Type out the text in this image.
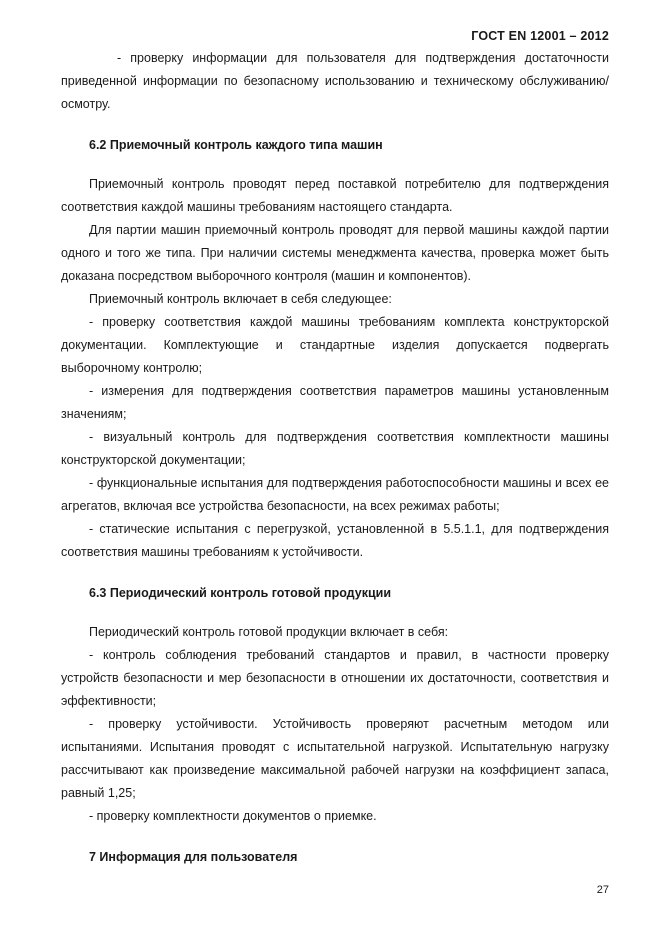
ГОСТ EN 12001 – 2012

- проверку информации для пользователя для подтверждения достаточности приведенной информации по безопасному использованию и техническому обслуживанию/осмотру.

6.2 Приемочный контроль каждого типа машин

Приемочный контроль проводят перед поставкой потребителю для подтверждения соответствия каждой машины требованиям настоящего стандарта.

Для партии машин приемочный контроль проводят для первой машины каждой партии одного и того же типа. При наличии системы менеджмента качества, проверка может быть доказана посредством выборочного контроля (машин и компонентов).

Приемочный контроль включает в себя следующее:

- проверку соответствия каждой машины требованиям комплекта конструкторской документации. Комплектующие и стандартные изделия допускается подвергать выборочному контролю;

- измерения для подтверждения соответствия параметров машины установленным значениям;

- визуальный контроль для подтверждения соответствия комплектности машины конструкторской документации;

- функциональные испытания для подтверждения работоспособности машины и всех ее агрегатов, включая все устройства безопасности, на всех режимах работы;

- статические испытания с перегрузкой, установленной в 5.5.1.1, для подтверждения соответствия машины требованиям к устойчивости.

6.3 Периодический контроль готовой продукции

Периодический контроль готовой продукции включает в себя:

- контроль соблюдения требований стандартов и правил, в частности проверку устройств безопасности и мер безопасности в отношении их достаточности, соответствия и эффективности;

- проверку устойчивости. Устойчивость проверяют расчетным методом или испытаниями. Испытания проводят с испытательной нагрузкой. Испытательную нагрузку рассчитывают как произведение максимальной рабочей нагрузки на коэффициент запаса, равный 1,25;

- проверку комплектности документов о приемке.

7 Информация для пользователя

27
